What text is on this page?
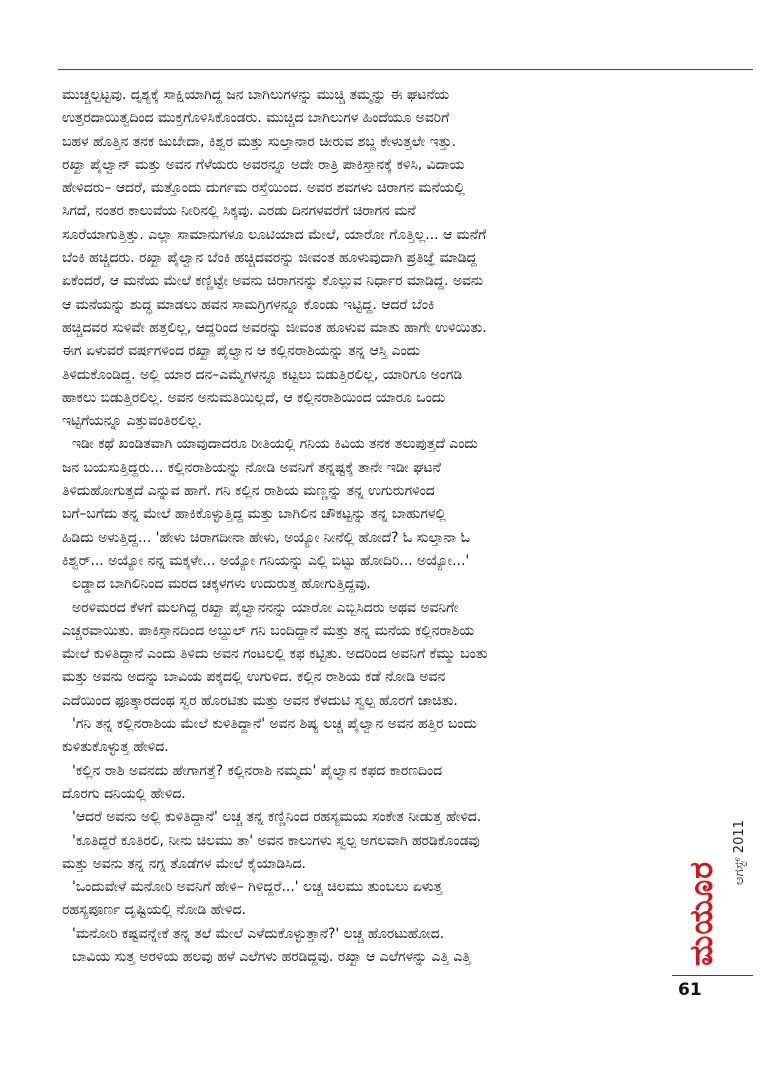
ಮುಚ್ಚಲ್ಪಟ್ಟವು. ದೃಶ್ಯಕ್ಕೆ ಸಾಕ್ಷಿಯಾಗಿದ್ದ ಜನ ಬಾಗಿಲುಗಳನ್ನು ಮುಚ್ಚಿ ತಮ್ಮನ್ನು ಈ ಘಟನೆಯ
ಉತ್ತರದಾಯಿತ್ವದಿಂದ ಮುಕ್ತಗೊಳಿಸಿಕೊಂಡರು. ಮುಚ್ಚಿದ ಬಾಗಿಲುಗಳ ಹಿಂದೆಯೂ ಅವರಿಗೆ
ಬಹಳ ಹೊತ್ತಿನ ತನಕ ಜುಬೇದಾ, ಕಿಶ್ವರ ಮತ್ತು ಸುಲ್ತಾನಾರ ಚೀರುವ ಶಬ್ದ ಕೇಳುತ್ತಲೇ ಇತ್ತು.
ರಖ್ಖಾ ಪೈಲ್ವಾನ್ ಮತ್ತು ಅವನ ಗೆಳೆಯರು ಅವರನ್ನೂ ಅದೇ ರಾತ್ರಿ ಪಾಕಿಸ್ತಾನಕ್ಕೆ ಕಳಿಸಿ, ವಿದಾಯ
ಹೇಳಿದರು– ಆದರೆ, ಮತ್ತೊಂದು ದುರ್ಗಮ ರಸ್ತೆಯಿಂದ. ಅವರ ಶವಗಳು ಚಿರಾಗನ ಮನೆಯಲ್ಲಿ
ಸಿಗದೆ, ನಂತರ ಕಾಲುವೆಯ ನೀರಿನಲ್ಲಿ ಸಿಕ್ಕವು. ಎರಡು ದಿನಗಳವರೆಗೆ ಚಿರಾಗನ ಮನೆ
ಸೂರೆಯಾಗುತ್ತಿತ್ತು. ಎಲ್ಲಾ ಸಾಮಾನುಗಳೂ ಲೂಟಿಯಾದ ಮೇಲೆ, ಯಾರೋ ಗೊತ್ತಿಲ್ಲ... ಆ ಮನೆಗೆ
ಬೆಂಕಿ ಹಚ್ಚಿದರು. ರಖ್ಖಾ ಪೈಲ್ವಾನ ಬೆಂಕಿ ಹಚ್ಚಿದವರನ್ನು ಜೀವಂತ ಹೂಳುವುದಾಗಿ ಪ್ರತಿಜ್ಞೆ ಮಾಡಿದ್ದ
ಏಕೆಂದರೆ, ಆ ಮನೆಯ ಮೇಲೆ ಕಣ್ಣಿಟ್ಟೇ ಅವನು ಚಿರಾಗನನ್ನು ಕೊಲ್ಲುವ ನಿರ್ಧಾರ ಮಾಡಿದ್ದ. ಅವನು
ಆ ಮನೆಯನ್ನು ಶುದ್ಧ ಮಾಡಲು ಹವನ ಸಾಮಗ್ರಿಗಳನ್ನೂ ಕೊಂಡು ಇಟ್ಟಿದ್ದ. ಆದರೆ ಬೆಂಕಿ
ಹಚ್ಚಿದವರ ಸುಳಿವೇ ಹತ್ತಲಿಲ್ಲ, ಆದ್ದರಿಂದ ಅವರನ್ನು ಜೀವಂತ ಹೂಳುವ ಮಾತು ಹಾಗೇ ಉಳಿಯಿತು.
ಈಗ ಏಳುವರೆ ವರ್ಷಗಳಿಂದ ರಖ್ಖಾ ಪೈಲ್ವಾನ ಆ ಕಲ್ಲಿನರಾಶಿಯನ್ನು ತನ್ನ ಆಸ್ತಿ ಎಂದು
ತಿಳಿದುಕೊಂಡಿದ್ದ. ಅಲ್ಲಿ ಯಾರ ದನ–ಎಮ್ಮೆಗಳನ್ನೂ ಕಟ್ಟಲು ಬಿಡುತ್ತಿರಲಿಲ್ಲ, ಯಾರಿಗೂ ಅಂಗಡಿ
ಹಾಕಲು ಬಿಡುತ್ತಿರಲಿಲ್ಲ. ಅವನ ಅನುಮತಿಯಿಲ್ಲದೆ, ಆ ಕಲ್ಲಿನರಾಶಿಯಿಂದ ಯಾರೂ ಒಂದು
ಇಟ್ಟಿಗೆಯನ್ನೂ ಎತ್ತುವಂತಿರಲಿಲ್ಲ.
ಇಡೀ ಕಥೆ ಖಂಡಿತವಾಗಿ ಯಾವುದಾದರೂ ರೀತಿಯಲ್ಲಿ ಗನಿಯ ಕಿವಿಯ ತನಕ ತಲುಪುತ್ತದೆ ಎಂದು
ಜನ ಬಯಸುತ್ತಿದ್ದರು... ಕಲ್ಲಿನರಾಶಿಯನ್ನು ನೋಡಿ ಅವನಿಗೆ ತನ್ನಷ್ಟಕ್ಕೆ ತಾನೇ ಇಡೀ ಘಟನೆ
ತಿಳಿದುಹೋಗುತ್ತದೆ ಎನ್ನುವ ಹಾಗೆ. ಗನಿ ಕಲ್ಲಿನ ರಾಶಿಯ ಮಣ್ಣನ್ನು ತನ್ನ ಉಗುರುಗಳಿಂದ
ಬಗೆ–ಬಗೆದು ತನ್ನ ಮೇಲೆ ಹಾಕಿಕೊಳ್ಳುತ್ತಿದ್ದ ಮತ್ತು ಬಾಗಿಲಿನ ಚೌಕಟ್ಟನ್ನು ತನ್ನ ಬಾಹುಗಳಲ್ಲಿ
ಹಿಡಿದು ಅಳುತ್ತಿದ್ದ... 'ಹೇಳು ಚಿರಾಗದೀನಾ ಹೇಳು, ಅಯ್ಯೋ ನೀನೆಲ್ಲಿ ಹೋದೆ? ಓ ಸುಲ್ತಾನಾ ಓ
ಕಿಶ್ವರ್... ಅಯ್ಯೋ ನನ್ನ ಮಕ್ಕಳೇ... ಅಯ್ಯೋ ಗನಿಯನ್ನು ಎಲ್ಲಿ ಬಿಟ್ಟು ಹೋದಿರಿ... ಅಯ್ಯೋ...'
ಲಡ್ಡಾದ ಬಾಗಿಲಿನಿಂದ ಮರದ ಚಕ್ಕಳಗಳು ಉದುರುತ್ತ ಹೋಗುತ್ತಿದ್ದವು.
ಅರಳಿಮರದ ಕೆಳಗೆ ಮಲಗಿದ್ದ ರಖ್ಖಾ ಪೈಲ್ವಾನನನ್ನು ಯಾರೋ ಎಬ್ಬಿಸಿದರು ಅಥವ ಅವನಿಗೇ
ಎಚ್ಚರವಾಯಿತು. ಪಾಕಿಸ್ತಾನದಿಂದ ಅಬ್ದುಲ್ ಗನಿ ಬಂದಿದ್ದಾನೆ ಮತ್ತು ತನ್ನ ಮನೆಯ ಕಲ್ಲಿನರಾಶಿಯ
ಮೇಲೆ ಕುಳಿತಿದ್ದಾನೆ ಎಂದು ತಿಳಿದು ಅವನ ಗಂಟಲಲ್ಲಿ ಕಫ ಕಟ್ಟಿತು. ಅದರಿಂದ ಅವನಿಗೆ ಕೆಮ್ಮು ಬಂತು
ಮತ್ತು ಅವನು ಅದನ್ನು ಬಾವಿಯ ಪಕ್ಕದಲ್ಲಿ ಉಗುಳಿದ. ಕಲ್ಲಿನ ರಾಶಿಯ ಕಡೆ ನೋಡಿ ಅವನ
ಎದೆಯಿಂದ ಫೂತ್ಕಾರದಂಥ ಸ್ವರ ಹೊರಟಿತು ಮತ್ತು ಅವನ ಕೆಳದುಟಿ ಸ್ವಲ್ಪ ಹೊರಗೆ ಚಾಚಿತು.
'ಗನಿ ತನ್ನ ಕಲ್ಲಿನರಾಶಿಯ ಮೇಲೆ ಕುಳಿತಿದ್ದಾನೆ' ಅವನ ಶಿಷ್ಯ ಲಚ್ಚ ಪೈಲ್ವಾನ ಅವನ ಹತ್ತಿರ ಬಂದು
ಕುಳಿತುಕೊಳ್ಳುತ್ತ ಹೇಳಿದ.
'ಕಲ್ಲಿನ ರಾಶಿ ಅವನದು ಹೇಗಾಗತ್ತೆ? ಕಲ್ಲಿನರಾಶಿ ನಮ್ಮದು' ಪೈಲ್ವಾನ ಕಫದ ಕಾರಣದಿಂದ
ದೊರಗು ದನಿಯಲ್ಲಿ ಹೇಳಿದ.
'ಆದರೆ ಅವನು ಅಲ್ಲಿ ಕುಳಿತಿದ್ದಾನೆ' ಲಚ್ಚ ತನ್ನ ಕಣ್ಣಿನಿಂದ ರಹಸ್ಯಮಯ ಸಂಕೇತ ನೀಡುತ್ತ ಹೇಳಿದ.
'ಕೂತಿದ್ದರೆ ಕೂತಿರಲಿ, ನೀನು ಚಿಲಮು ತಾ' ಅವನ ಕಾಲುಗಳು ಸ್ವಲ್ಪ ಅಗಲವಾಗಿ ಹರಡಿಕೊಂಡವು
ಮತ್ತು ಅವನು ತನ್ನ ನಗ್ನ ತೊಡೆಗಳ ಮೇಲೆ ಕೈಯಾಡಿಸಿದ.
'ಒಂದುವೇಳೆ ಮನೋರಿ ಅವನಿಗೆ ಹೇಳಿ– ಗಿಳಿದ್ದರೆ...' ಲಚ್ಚ ಚಿಲಮು ತುಂಬಲು ಏಳುತ್ತ
ರಹಸ್ಯಪೂರ್ಣ ದೃಷ್ಟಿಯಲ್ಲಿ ನೋಡಿ ಹೇಳಿದ.
'ಮನೋರಿ ಕಷ್ಟವನ್ನೇಕೆ ತನ್ನ ತಲೆ ಮೇಲೆ ಎಳೆದುಕೊಳ್ಳುತ್ತಾನೆ?' ಲಚ್ಚ ಹೊರಟುಹೋದ.
ಬಾವಿಯ ಸುತ್ತ ಅರಳಿಯ ಹಲವು ಹಳೆ ಎಲೆಗಳು ಹರಡಿದ್ದವು. ರಖ್ಖಾ ಆ ಎಲೆಗಳನ್ನು ಎತ್ತಿ ಎತ್ತಿ
ಆಗಸ್ಟ್ 2011
ಮಯೂರ
61
